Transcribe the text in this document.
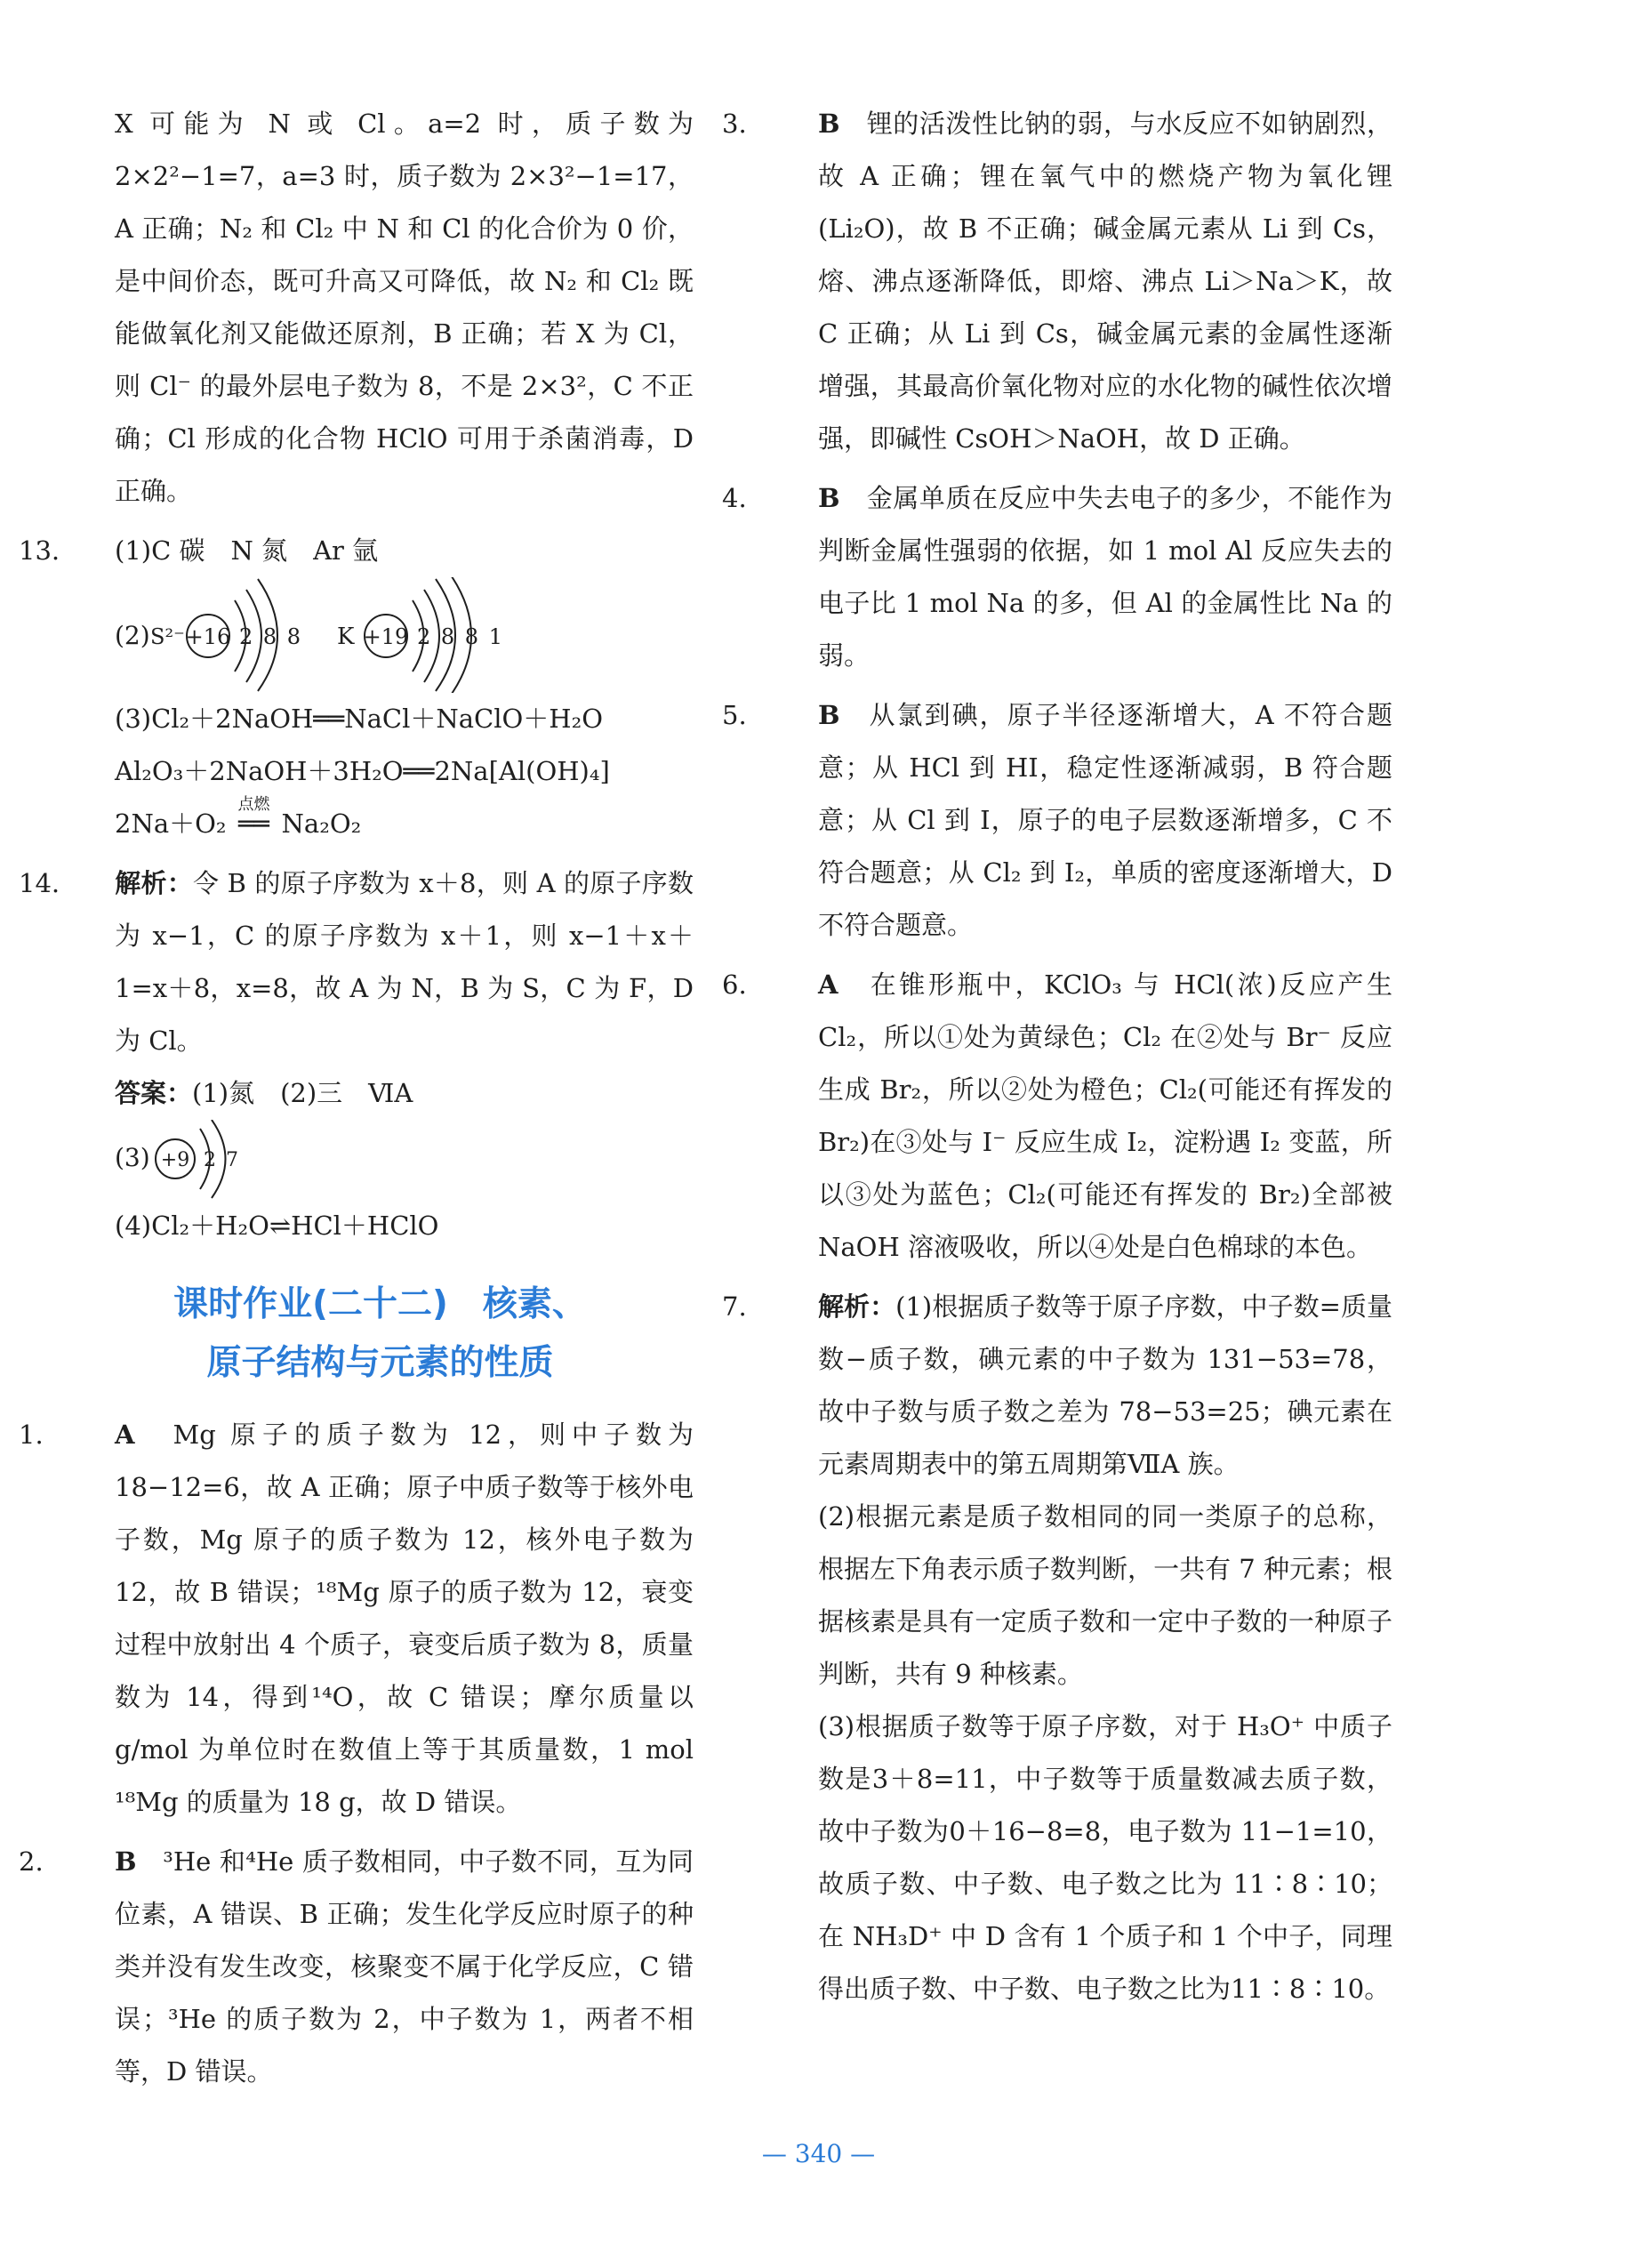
X 可能为 N 或 Cl。a=2 时，质子数为 2×2²−1=7，a=3 时，质子数为 2×3²−1=17，A 正确；N₂ 和 Cl₂ 中 N 和 Cl 的化合价为 0 价，是中间价态，既可升高又可降低，故 N₂ 和 Cl₂ 既能做氧化剂又能做还原剂，B 正确；若 X 为 Cl，则 Cl⁻ 的最外层电子数为 8，不是 2×3²，C 不正确；Cl 形成的化合物 HClO 可用于杀菌消毒，D 正确。

13. (1)C 碳　N 氮　Ar 氩
(2) S²⁻ +16 2 8 8 K +19 2 8 8 1
(3)Cl₂＋2NaOH══NaCl＋NaClO＋H₂O
Al₂O₃＋2NaOH＋3H₂O══2Na[Al(OH)₄]
2Na＋O₂
点燃
══ Na₂O₂
14. 解析：令 B 的原子序数为 x＋8，则 A 的原子序数为 x−1，C 的原子序数为 x＋1，则 x−1＋x＋1=x＋8，x=8，故 A 为 N，B 为 S，C 为 F，D 为 Cl。
答案：(1)氮　(2)三　ⅥA
(3) +9 2 7
(4)Cl₂＋H₂O⇌HCl＋HClO
课时作业(二十二)　核素、
原子结构与元素的性质
1.	A　 Mg 原子的质子数为 12，则中子数为 18−12=6，故 A 正确；原子中质子数等于核外电子数，Mg 原子的质子数为 12，核外电子数为 12，故 B 错误；¹⁸Mg 原子的质子数为 12，衰变过程中放射出 4 个质子，衰变后质子数为 8，质量数为 14，得到¹⁴O，故 C 错误；摩尔质量以 g/mol 为单位时在数值上等于其质量数，1 mol ¹⁸Mg 的质量为 18 g，故 D 错误。
2.	B　 ³He 和⁴He 质子数相同，中子数不同，互为同位素，A 错误、B 正确；发生化学反应时原子的种类并没有发生改变，核聚变不属于化学反应，C 错误；³He 的质子数为 2，中子数为 1，两者不相等，D 错误。
3.	B　 锂的活泼性比钠的弱，与水反应不如钠剧烈，故 A 正确；锂在氧气中的燃烧产物为氧化锂(Li₂O)，故 B 不正确；碱金属元素从 Li 到 Cs，熔、沸点逐渐降低，即熔、沸点 Li＞Na＞K，故 C 正确；从 Li 到 Cs，碱金属元素的金属性逐渐增强，其最高价氧化物对应的水化物的碱性依次增强，即碱性 CsOH＞NaOH，故 D 正确。
4.	B　 金属单质在反应中失去电子的多少，不能作为判断金属性强弱的依据，如 1 mol Al 反应失去的电子比 1 mol Na 的多，但 Al 的金属性比 Na 的弱。
5.	B　 从氯到碘，原子半径逐渐增大，A 不符合题意；从 HCl 到 HI，稳定性逐渐减弱，B 符合题意；从 Cl 到 I，原子的电子层数逐渐增多，C 不符合题意；从 Cl₂ 到 I₂，单质的密度逐渐增大，D 不符合题意。
6.	A　 在锥形瓶中，KClO₃ 与 HCl(浓)反应产生 Cl₂，所以①处为黄绿色；Cl₂ 在②处与 Br⁻ 反应生成 Br₂，所以②处为橙色；Cl₂(可能还有挥发的 Br₂)在③处与 I⁻ 反应生成 I₂，淀粉遇 I₂ 变蓝，所以③处为蓝色；Cl₂(可能还有挥发的 Br₂)全部被 NaOH 溶液吸收，所以④处是白色棉球的本色。
7.	解析：(1)根据质子数等于原子序数，中子数=质量数−质子数，碘元素的中子数为 131−53=78，故中子数与质子数之差为 78−53=25；碘元素在元素周期表中的第五周期第ⅦA 族。
(2)根据元素是质子数相同的同一类原子的总称，根据左下角表示质子数判断，一共有 7 种元素；根据核素是具有一定质子数和一定中子数的一种原子判断，共有 9 种核素。
(3)根据质子数等于原子序数，对于 H₃O⁺ 中质子数是3＋8=11，中子数等于质量数减去质子数，故中子数为0＋16−8=8，电子数为 11−1=10，故质子数、中子数、电子数之比为 11∶8∶10；在 NH₃D⁺ 中 D 含有 1 个质子和 1 个中子，同理得出质子数、中子数、电子数之比为11∶8∶10。
— 340 —
